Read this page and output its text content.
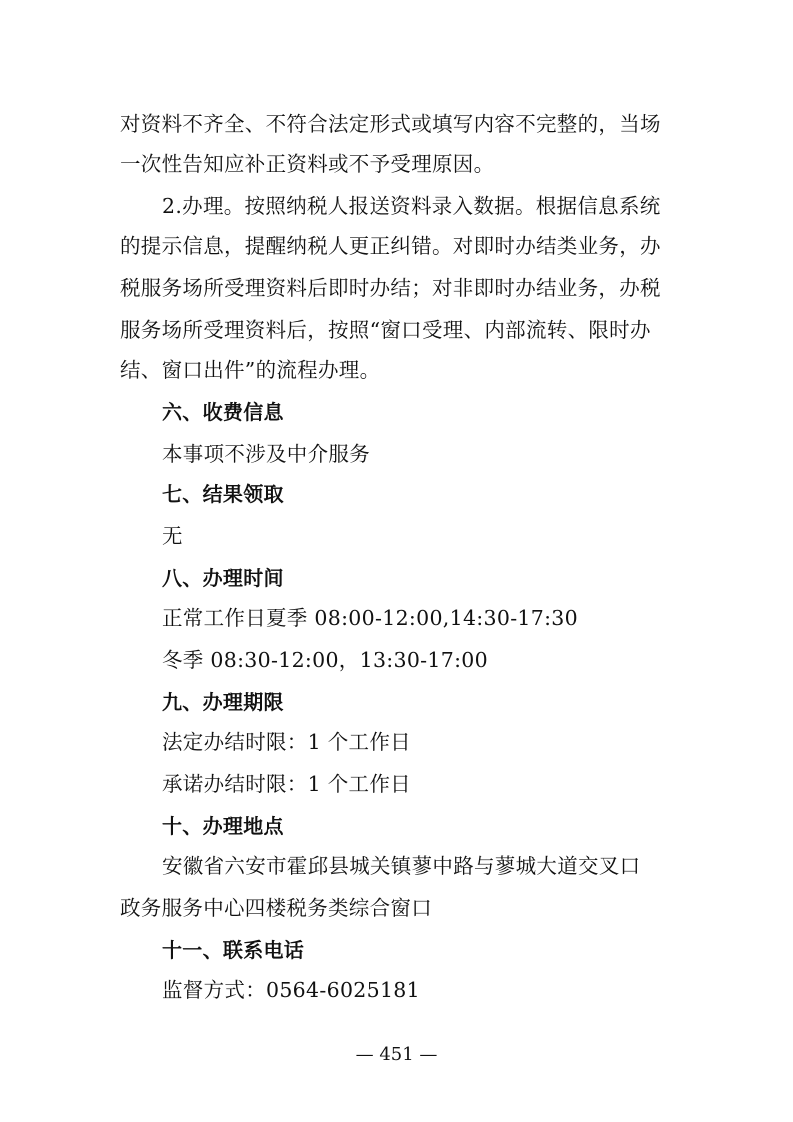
对资料不齐全、不符合法定形式或填写内容不完整的，当场
一次性告知应补正资料或不予受理原因。
2.办理。按照纳税人报送资料录入数据。根据信息系统
的提示信息，提醒纳税人更正纠错。对即时办结类业务，办
税服务场所受理资料后即时办结；对非即时办结业务，办税
服务场所受理资料后，按照“窗口受理、内部流转、限时办
结、窗口出件”的流程办理。
六、收费信息
本事项不涉及中介服务
七、结果领取
无
八、办理时间
正常工作日夏季 08:00-12:00,14:30-17:30
冬季 08:30-12:00，13:30-17:00
九、办理期限
法定办结时限：1 个工作日
承诺办结时限：1 个工作日
十、办理地点
安徽省六安市霍邱县城关镇蓼中路与蓼城大道交叉口
政务服务中心四楼税务类综合窗口
十一、联系电话
监督方式：0564-6025181
— 451 —
